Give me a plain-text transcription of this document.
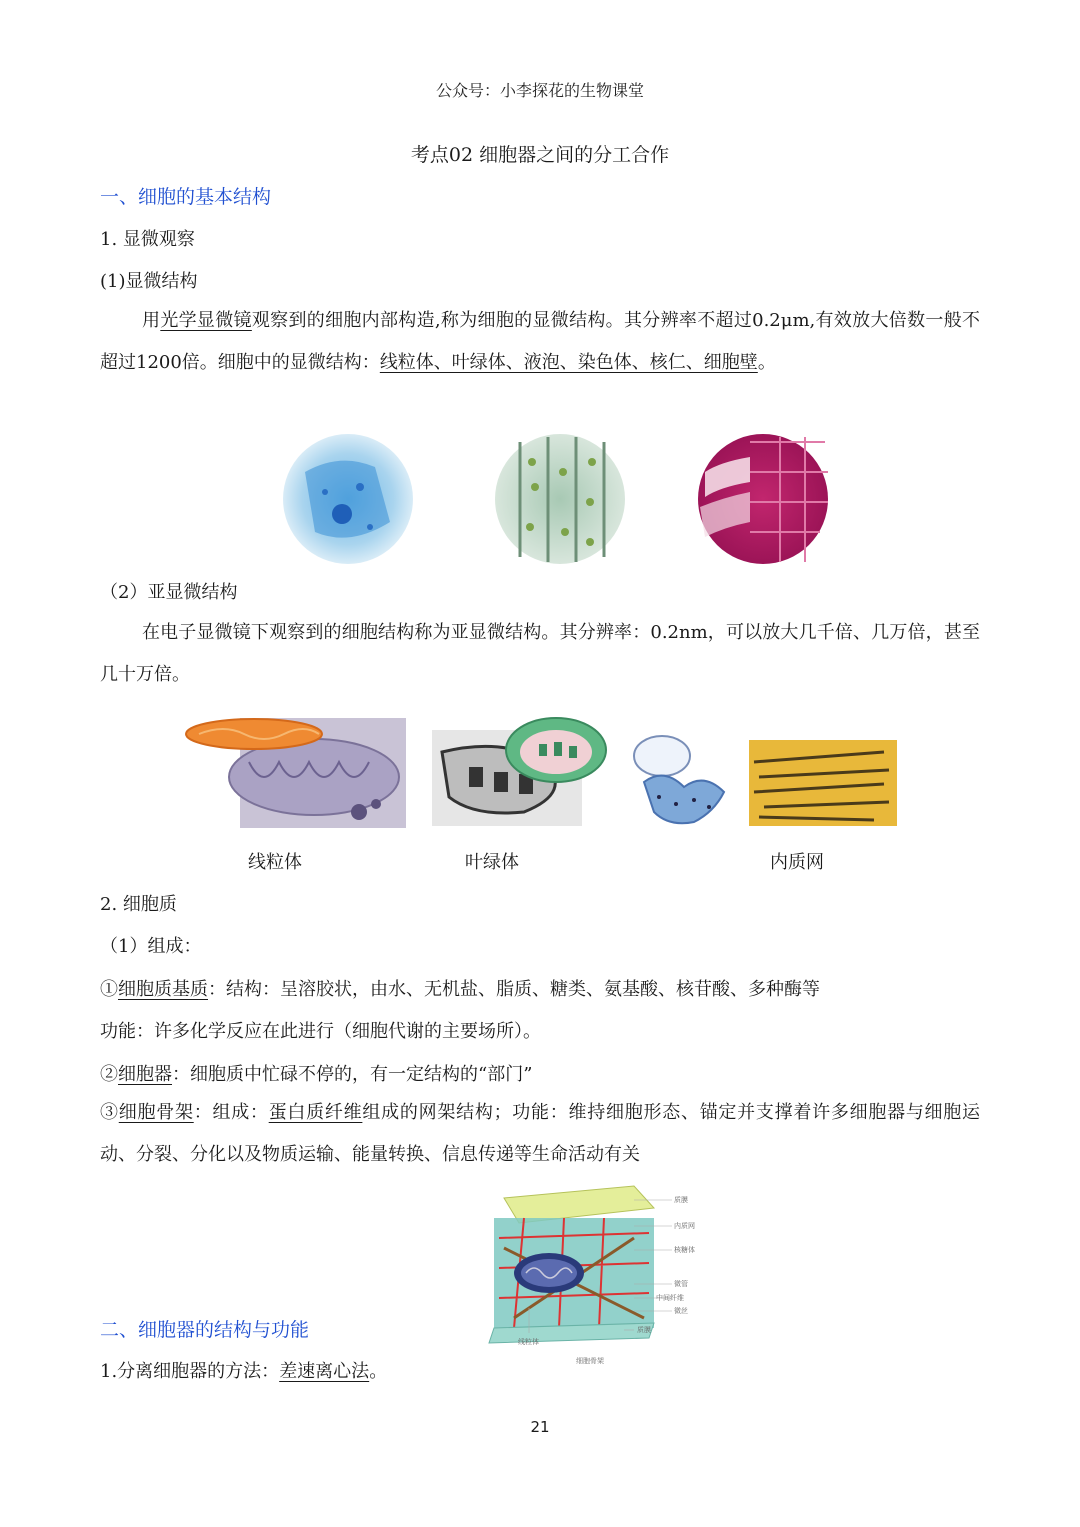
公众号：小李探花的生物课堂
考点02 细胞器之间的分工合作
一、细胞的基本结构
1. 显微观察
(1)显微结构
用光学显微镜观察到的细胞内部构造,称为细胞的显微结构。其分辨率不超过0.2μm,有效放大倍数一般不超过1200倍。细胞中的显微结构：线粒体、叶绿体、液泡、染色体、核仁、细胞壁。
（2）亚显微结构
在电子显微镜下观察到的细胞结构称为亚显微结构。其分辨率：0.2nm，可以放大几千倍、几万倍，甚至几十万倍。
线粒体	叶绿体	内质网
2. 细胞质
（1）组成：
①细胞质基质：结构：呈溶胶状，由水、无机盐、脂质、糖类、氨基酸、核苷酸、多种酶等
功能：许多化学反应在此进行（细胞代谢的主要场所）。
②细胞器：细胞质中忙碌不停的，有一定结构的“部门”
③细胞骨架：组成：蛋白质纤维组成的网架结构；功能：维持细胞形态、锚定并支撑着许多细胞器与细胞运动、分裂、分化以及物质运输、能量转换、信息传递等生命活动有关
质膜
内质网
核糖体
微管
中间纤维
微丝
质膜
线粒体
细胞骨架
二、细胞器的结构与功能
1.分离细胞器的方法：差速离心法。
21
